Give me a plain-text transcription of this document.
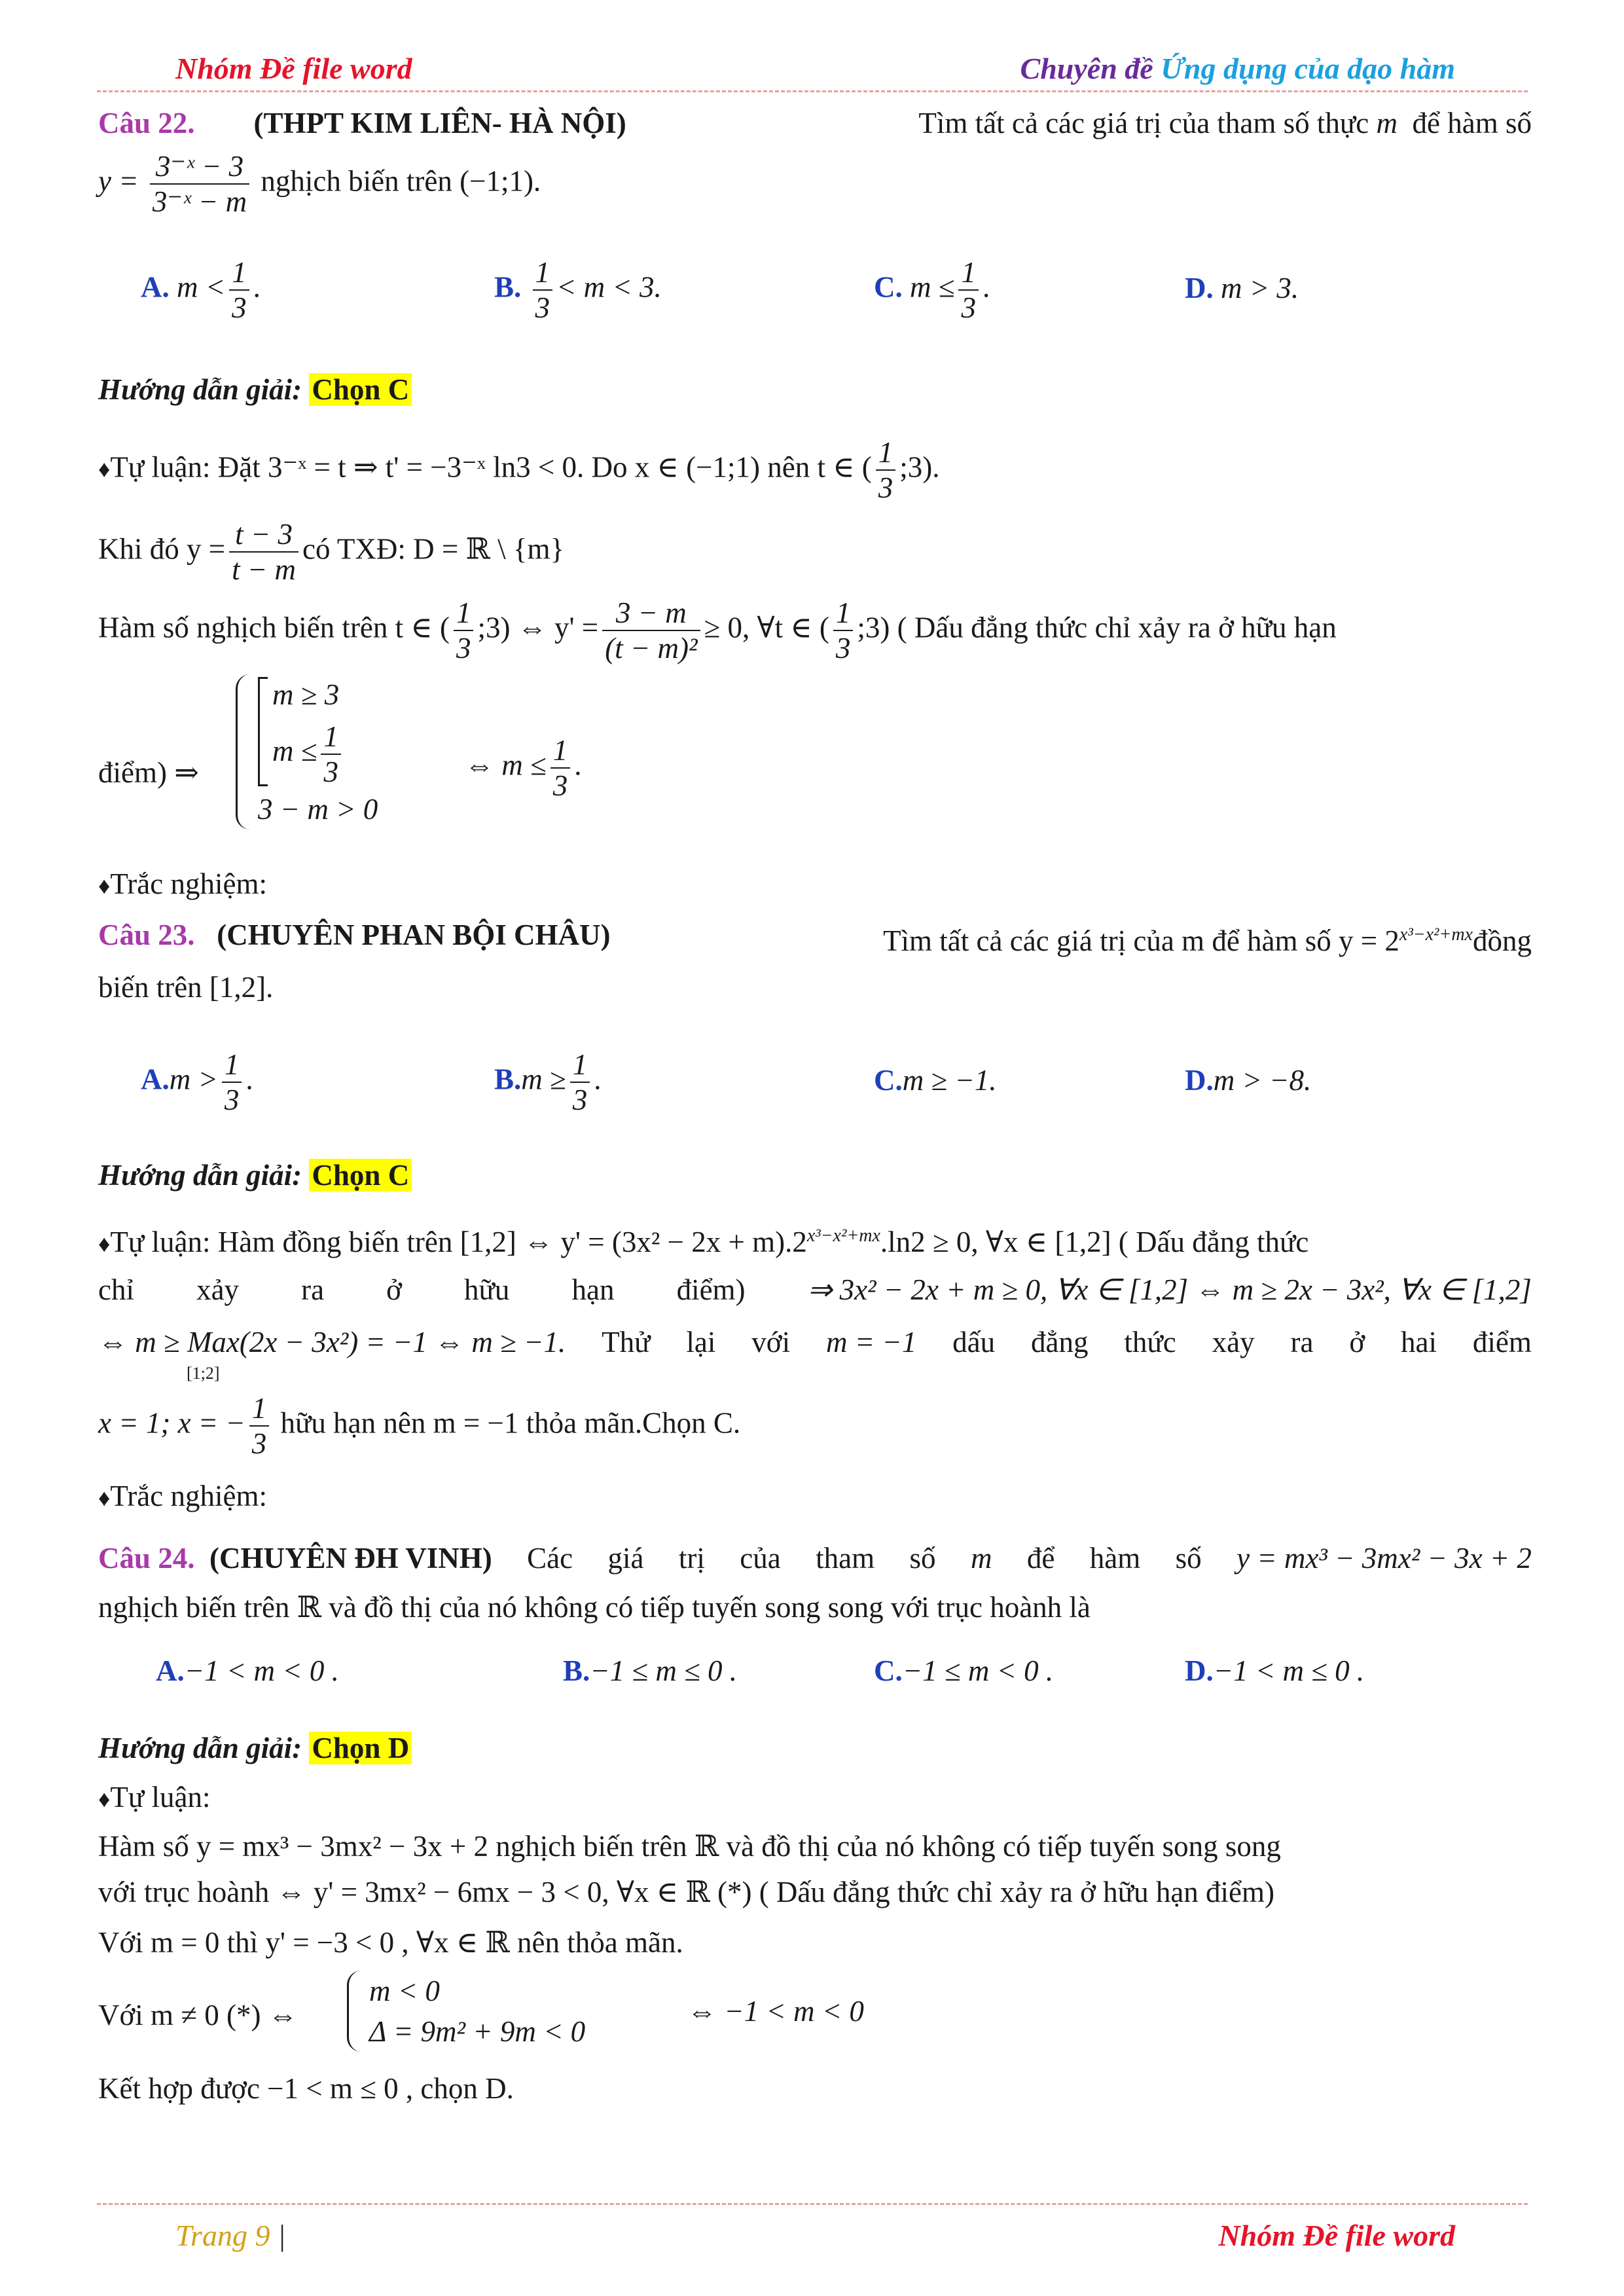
Nhóm Đề file word	Chuyên đề Ứng dụng của dạo hàm
Câu 22. (THPT KIM LIÊN- HÀ NỘI)	Tìm tất cả các giá trị của tham số thực m để hàm số
$y = \frac{\text{3⁻ˣ − 3}}{\text{3⁻ˣ − m}}$ nghịch biến trên (−1;1).
A. $m < \frac{1}{3}$ .	B. $\frac{1}{3} < m < 3$.	C. $m \le \frac{1}{3}$ .	D. m > 3.
Hướng dẫn giải: Chọn C
♦Tự luận: Đặt 3⁻ˣ = t ⇒ t' = −3⁻ˣ ln3 < 0. Do x ∈ (−1;1) nên t ∈ ( $\frac{1}{3}$ ;3).
Khi đó $y = \frac{t - 3}{t - m}$ có TXĐ: D = ℝ \ {m}
Hàm số nghịch biến trên t ∈ ( $\frac{1}{3}$ ;3) ⇔ $y' = \frac{3 - m}{\text{(t − m)²}} \ge 0$, ∀t ∈ ( $\frac{1}{3}$ ;3) ( Dấu đẳng thức chỉ xảy ra ở hữu hạn
điểm) ⇒
m ≥ 3
$m \le \frac{1}{3}$
3 − m > 0
⇔ $m \le \frac{1}{3}$ .
♦Trắc nghiệm:
Câu 23. (CHUYÊN PHAN BỘI CHÂU)	Tìm tất cả các giá trị của m để hàm số $y = 2^{x^3-x^2+mx}đồng$
biến trên [1,2].
$A.m > \frac{1}{3}$ .	$B.m \ge \frac{1}{3}$ .	C.m ≥ −1.	D.m > −8.
Hướng dẫn giải: Chọn C
♦Tự luận: Hàm đồng biến trên [1,2] ⇔ $y' = (3x^2 - 2x + m).2^{x^3-x^2+mx}.\ln 2 \ge 0$, ∀x ∈ [1,2] ( Dấu đẳng thức
chỉ xảy ra ở hữu hạn điểm) ⇒ 3x² − 2x + m ≥ 0, ∀x ∈ [1,2] ⇔ m ≥ 2x − 3x², ∀x ∈ [1,2]
⇔ m ≥ Max(2x − 3x²) = −1 ⇔ m ≥ −1.
[1;2]
Thử lại với m = −1 dấu đẳng thức xảy ra ở hai điểm
x = 1; x = − $\frac{1}{3}$ hữu hạn nên m = −1 thỏa mãn.Chọn C.
♦Trắc nghiệm:
Câu 24. (CHUYÊN ĐH VINH) Các giá trị của tham số m để hàm số y = mx³ − 3mx² − 3x + 2
nghịch biến trên ℝ và đồ thị của nó không có tiếp tuyến song song với trục hoành là
A.−1 < m < 0 .	B.−1 ≤ m ≤ 0 .	C.−1 ≤ m < 0 .	D.−1 < m ≤ 0 .
Hướng dẫn giải: Chọn D
♦Tự luận:
Hàm số y = mx³ − 3mx² − 3x + 2 nghịch biến trên ℝ và đồ thị của nó không có tiếp tuyến song song
với trục hoành ⇔ y' = 3mx² − 6mx − 3 < 0, ∀x ∈ ℝ (*) ( Dấu đẳng thức chỉ xảy ra ở hữu hạn điểm)
Với m = 0 thì y' = −3 < 0 , ∀x ∈ ℝ nên thỏa mãn.
Với m ≠ 0 (*) ⇔
m < 0
Δ = 9m² + 9m < 0
⇔ −1 < m < 0
Kết hợp được −1 < m ≤ 0 , chọn D.
Trang 9 |	Nhóm Đề file word
